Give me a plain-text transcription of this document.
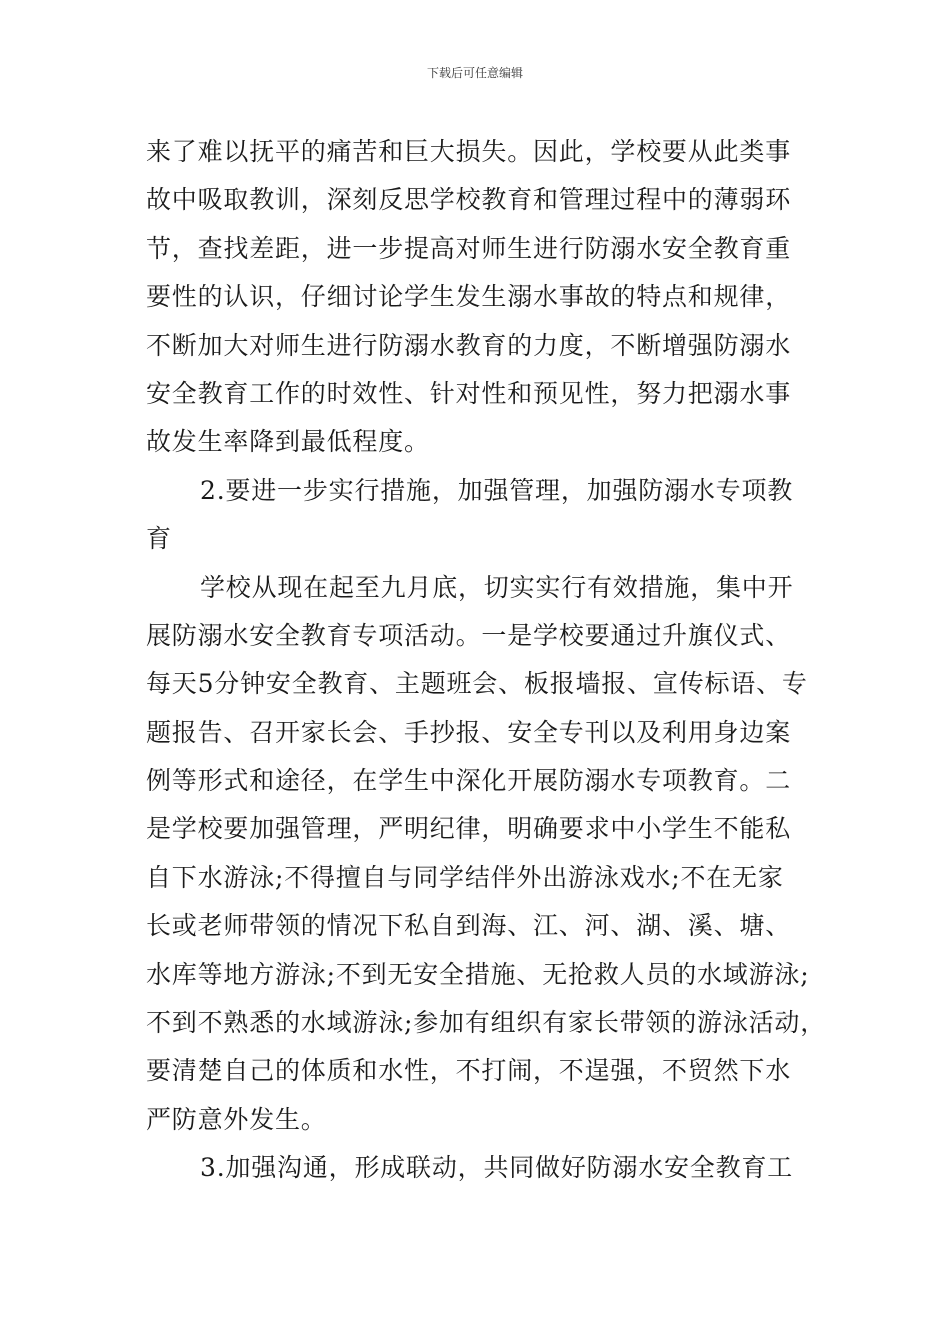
下载后可任意编辑
来了难以抚平的痛苦和巨大损失。因此，学校要从此类事
故中吸取教训，深刻反思学校教育和管理过程中的薄弱环
节，查找差距，进一步提高对师生进行防溺水安全教育重
要性的认识，仔细讨论学生发生溺水事故的特点和规律，
不断加大对师生进行防溺水教育的力度，不断增强防溺水
安全教育工作的时效性、针对性和预见性，努力把溺水事
故发生率降到最低程度。
2.要进一步实行措施，加强管理，加强防溺水专项教
育
学校从现在起至九月底，切实实行有效措施，集中开
展防溺水安全教育专项活动。一是学校要通过升旗仪式、
每天5分钟安全教育、主题班会、板报墙报、宣传标语、专
题报告、召开家长会、手抄报、安全专刊以及利用身边案
例等形式和途径，在学生中深化开展防溺水专项教育。二
是学校要加强管理，严明纪律，明确要求中小学生不能私
自下水游泳;不得擅自与同学结伴外出游泳戏水;不在无家
长或老师带领的情况下私自到海、江、河、湖、溪、塘、
水库等地方游泳;不到无安全措施、无抢救人员的水域游泳;
不到不熟悉的水域游泳;参加有组织有家长带领的游泳活动，
要清楚自己的体质和水性，不打闹，不逞强，不贸然下水
严防意外发生。
3.加强沟通，形成联动，共同做好防溺水安全教育工
